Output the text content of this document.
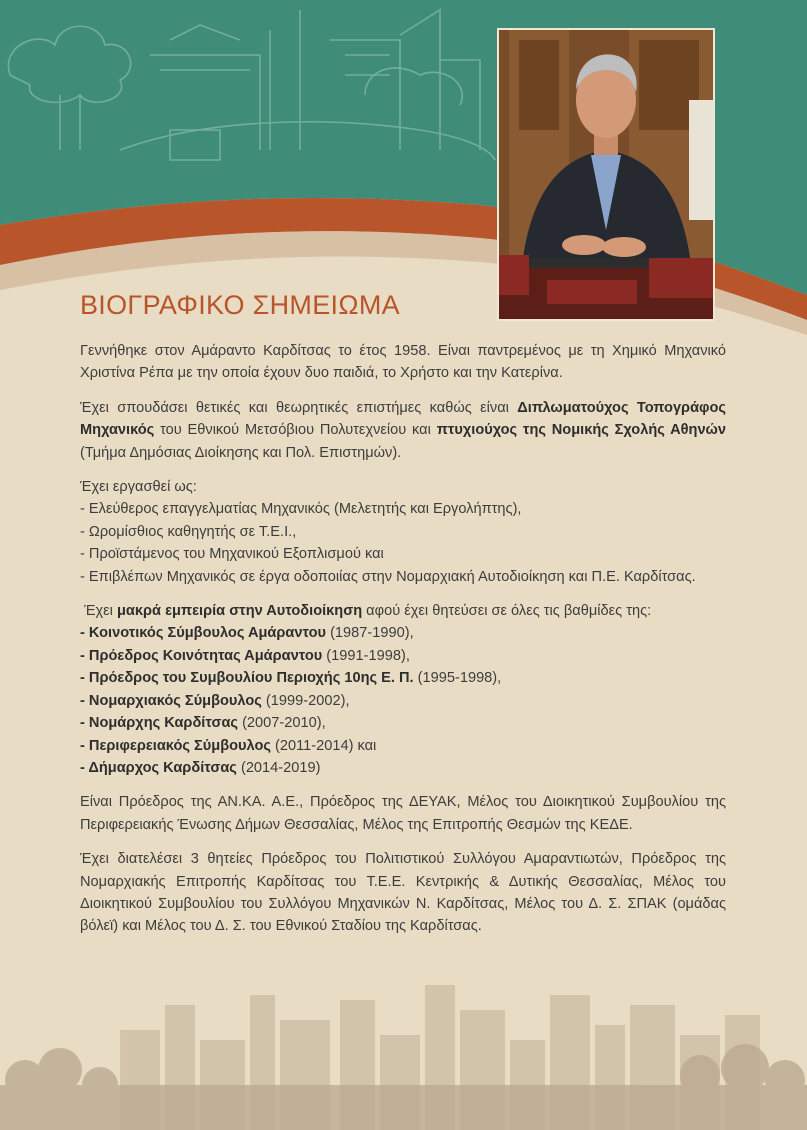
ΒΙΟΓΡΑΦΙΚΟ ΣΗΜΕΙΩΜΑ

Γεννήθηκε στον Αμάραντο Καρδίτσας το έτος 1958. Είναι παντρεμένος με τη Χημικό Μηχανικό Χριστίνα Ρέπα με την οποία έχουν δυο παιδιά, το Χρήστο και την Κατερίνα.

Έχει σπουδάσει θετικές και θεωρητικές επιστήμες καθώς είναι Διπλωματούχος Τοπογράφος Μηχανικός του Εθνικού Μετσόβιου Πολυτεχνείου και πτυχιούχος της Νομικής Σχολής Αθηνών (Τμήμα Δημόσιας Διοίκησης και Πολ. Επιστημών).

Έχει εργασθεί ως:
- Ελεύθερος επαγγελματίας Μηχανικός (Μελετητής και Εργολήπτης),
- Ωρομίσθιος καθηγητής σε Τ.Ε.Ι.,
- Προϊστάμενος του Μηχανικού Εξοπλισμού και
- Επιβλέπων Μηχανικός σε έργα οδοποιίας στην Νομαρχιακή Αυτοδιοίκηση και Π.Ε. Καρδίτσας.
Έχει μακρά εμπειρία στην Αυτοδιοίκηση αφού έχει θητεύσει σε όλες τις βαθμίδες της:
- Κοινοτικός Σύμβουλος Αμάραντου (1987-1990),
- Πρόεδρος Κοινότητας Αμάραντου (1991-1998),
- Πρόεδρος του Συμβουλίου Περιοχής 10ης Ε. Π. (1995-1998),
- Νομαρχιακός Σύμβουλος (1999-2002),
- Νομάρχης Καρδίτσας (2007-2010),
- Περιφερειακός Σύμβουλος (2011-2014) και
- Δήμαρχος Καρδίτσας (2014-2019)

Είναι Πρόεδρος της ΑΝ.ΚΑ. Α.Ε., Πρόεδρος της ΔΕΥΑΚ, Μέλος του Διοικητικού Συμβουλίου της Περιφερειακής Ένωσης Δήμων Θεσσαλίας, Μέλος της Επιτροπής Θεσμών της ΚΕΔΕ.

Έχει διατελέσει 3 θητείες Πρόεδρος του Πολιτιστικού Συλλόγου Αμαραντιωτών, Πρόεδρος της Νομαρχιακής Επιτροπής Καρδίτσας του Τ.Ε.Ε. Κεντρικής & Δυτικής Θεσσαλίας, Μέλος του Διοικητικού Συμβουλίου του Συλλόγου Μηχανικών Ν. Καρδίτσας, Μέλος του Δ. Σ. ΣΠΑΚ (ομάδας βόλεϊ) και Μέλος του Δ. Σ. του Εθνικού Σταδίου της Καρδίτσας.
